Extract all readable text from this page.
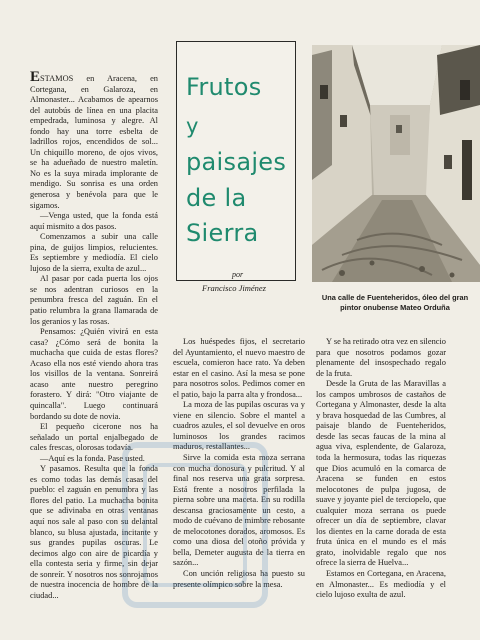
ESTAMOS en Aracena, en Corteganа, en Galaroza, en Almonaster... Acabamos de apearnos del autobús de línea en una placita empedrada, luminosa y alegre. Al fondo hay una torre esbelta de ladrillos rojos, encendidos de sol... Un chiquillo moreno, de ojos vivos, se ha adueñado de nuestro maletín. No es la suya mirada implorante de mendigo. Su sonrisa es una orden generosa y benévola para que le sigamos.

—Venga usted, que la fonda está aquí mismito a dos pasos.

Comenzamos a subir una calle pina, de guijos limpios, relucientes. Es septiembre y mediodía. El cielo lujoso de la sierra, exulta de azul...

Al pasar por cada puerta los ojos se nos adentran curiosos en la penumbra fresca del zaguán. En el patio relumbra la grana llamarada de los geranios y las rosas.

Pensamos: ¿Quién vivirá en esta casa? ¿Cómo será de bonita la muchacha que cuida de estas flores? Acaso ella nos esté viendo ahora tras los visillos de la ventana. Sonreirá acaso ante nuestro peregrino forastero. Y dirá: "Otro viajante de quincalla". Luego continuará bordando su dote de novia.

El pequeño cicerone nos ha señalado un portal enjalbegado de cales frescas, olorosas todavía.

—Aquí es la fonda. Pase usted.

Y pasamos. Resulta que la fonda es como todas las demás casas del pueblo: el zaguán en penumbra y las flores del patio. La muchacha bonita que se adivinaba en otras ventanas aquí nos sale al paso con su delantal blanco, su blusa ajustada, incitante y sus grandes pupilas oscuras. Le decimos algo con aire de picardía y ella contesta seria y firme, sin dejar de sonreír. Y nosotros nos sonrojamos de nuestra inocencia de hombre de la ciudad...

Frutos
y
paisajes
de la
Sierra
por
Francisco Jiménez
Una calle de Fuenteheridos, óleo del gran pintor onubense Mateo Orduña

Los huéspedes fijos, el secretario del Ayuntamiento, el nuevo maestro de escuela, comieron hace rato. Ya deben estar en el casino. Así la mesa se pone para nosotros solos. Pedimos comer en el patio, bajo la parra alta y frondosa...

La moza de las pupilas oscuras va y viene en silencio. Sobre el mantel a cuadros azules, el sol devuelve en oros luminosos los grandes racimos maduros, restallantes...

Sirve la comida esta moza serrana con mucha donosura y pulcritud. Y al final nos reserva una grata sorpresa. Está frente a nosotros perfilada la pierna sobre una maceta. En su rodilla descansa graciosamente un cesto, a modo de cuévano de mimbre rebosante de melocotones dorados, aromosos. Es como una diosa del otoño próvida y bella, Demeter augusta de la tierra en sazón...

Con unción religiosa ha puesto su presente olímpico sobre la mesa.

Y se ha retirado otra vez en silencio para que nosotros podamos gozar plenamente del insospechado regalo de la fruta.

Desde la Gruta de las Maravillas a los campos umbrosos de castaños de Cortegana y Almonaster, desde la alta y brava hosquedad de las Cumbres, al paisaje blando de Fuenteheridos, desde las secas faucas de la mina al agua viva, esplendente, de Galaroza, toda la hermosura, todas las riquezas que Dios acumuló en la comarca de Aracena se funden en estos melocotones de pulpa jugosa, de suave y joyante piel de terciopelo, que cualquier moza serrana os puede ofrecer un día de septiembre, clavar los dientes en la carne dorada de esta fruta única en el mundo es el más grato, inolvidable regalo que nos ofrece la sierra de Huelva...

Estamos en Cortegana, en Aracena, en Almonaster... Es mediodía y el cielo lujoso exulta de azul.
